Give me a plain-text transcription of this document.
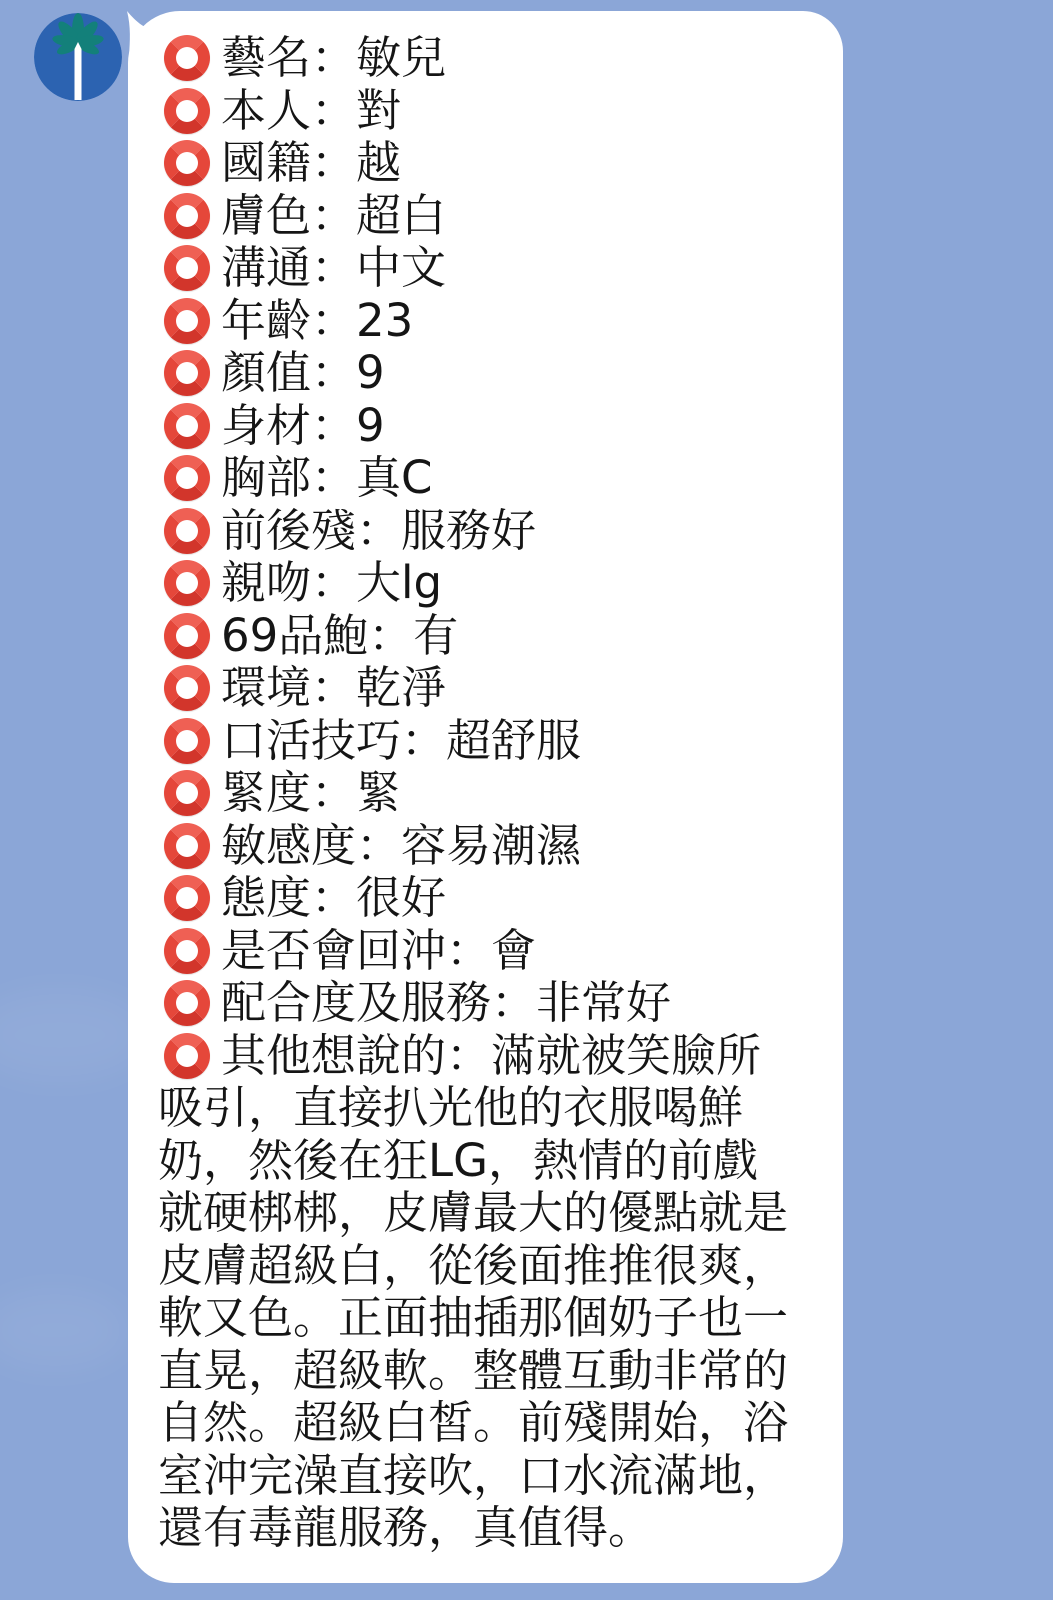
藝名：敏兒
本人：對
國籍：越
膚色：超白
溝通：中文
年齡：23
顏值：9
身材：9
胸部：真C
前後殘：服務好
親吻：大lg
69品鮑：有
環境：乾淨
口活技巧：超舒服
緊度：緊
敏感度：容易潮濕
態度：很好
是否會回沖：會
配合度及服務：非常好
其他想說的：滿就被笑臉所
吸引，直接扒光他的衣服喝鮮
奶，然後在狂LG，熱情的前戲
就硬梆梆，皮膚最大的優點就是
皮膚超級白，從後面推推很爽，
軟又色。正面抽插那個奶子也一
直晃，超級軟。整體互動非常的
自然。超級白皙。前殘開始，浴
室沖完澡直接吹，口水流滿地，
還有毒龍服務，真值得。
